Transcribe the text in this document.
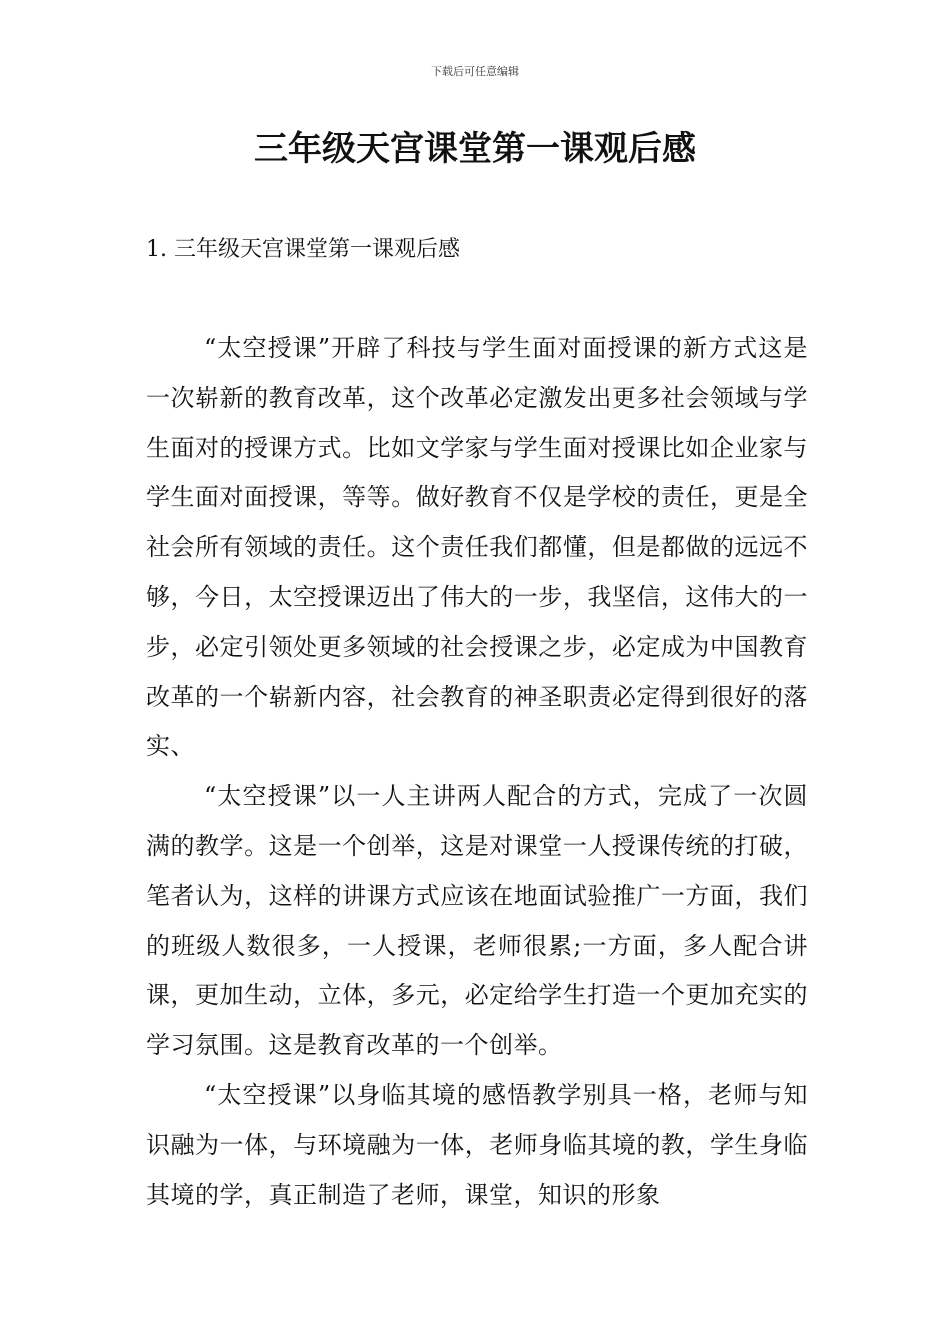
下载后可任意编辑
三年级天宫课堂第一课观后感
1. 三年级天宫课堂第一课观后感

“太空授课”开辟了科技与学生面对面授课的新方式这是一次崭新的教育改革，这个改革必定激发出更多社会领域与学生面对的授课方式。比如文学家与学生面对授课比如企业家与学生面对面授课，等等。做好教育不仅是学校的责任，更是全社会所有领域的责任。这个责任我们都懂，但是都做的远远不够，今日，太空授课迈出了伟大的一步，我坚信，这伟大的一步，必定引领处更多领域的社会授课之步，必定成为中国教育改革的一个崭新内容，社会教育的神圣职责必定得到很好的落实、

“太空授课”以一人主讲两人配合的方式，完成了一次圆满的教学。这是一个创举，这是对课堂一人授课传统的打破，笔者认为，这样的讲课方式应该在地面试验推广一方面，我们的班级人数很多，一人授课，老师很累;一方面，多人配合讲课，更加生动，立体，多元，必定给学生打造一个更加充实的学习氛围。这是教育改革的一个创举。

“太空授课”以身临其境的感悟教学别具一格，老师与知识融为一体，与环境融为一体，老师身临其境的教，学生身临其境的学，真正制造了老师，课堂，知识的形象
